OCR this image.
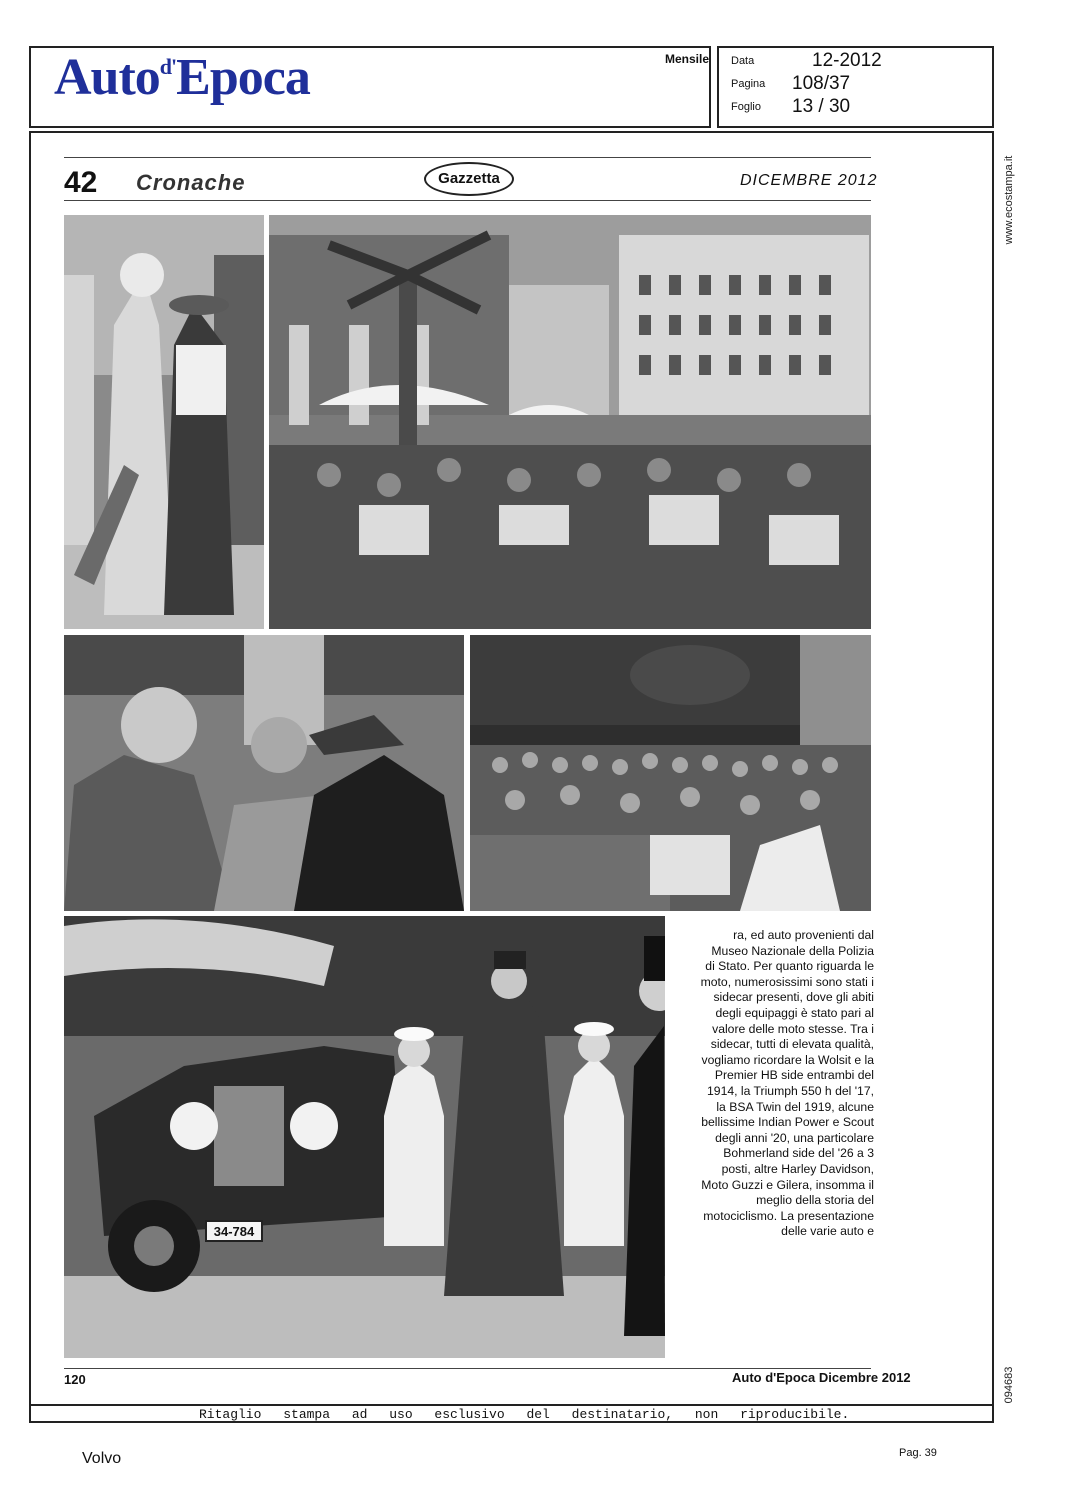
Auto$^{d'}$Epoca	Mensile Data	12-2012
Pagina 108/37
Foglio 13 / 30
www.ecostampa.it
094683
42 Cronache	Gazzetta	DICEMBRE 2012
34-784
ra, ed auto provenienti dal Museo Nazionale della Polizia di Stato. Per quanto riguarda le moto, numerosissimi sono stati i sidecar presenti, dove gli abiti degli equipaggi è stato pari al valore delle moto stesse. Tra i sidecar, tutti di elevata qualità, vogliamo ricordare la Wolsit e la Premier HB side entrambi del 1914, la Triumph 550 h del '17, la BSA Twin del 1919, alcune bellissime Indian Power e Scout degli anni '20, una particolare Bohmerland side del '26 a 3 posti, altre Harley Davidson, Moto Guzzi e Gilera, insomma il meglio della storia del motociclismo. La presentazione delle varie auto e
120	Auto d'Epoca Dicembre 2012
Ritaglio stampa ad uso esclusivo del destinatario, non riproducibile.
Volvo	Pag. 39
